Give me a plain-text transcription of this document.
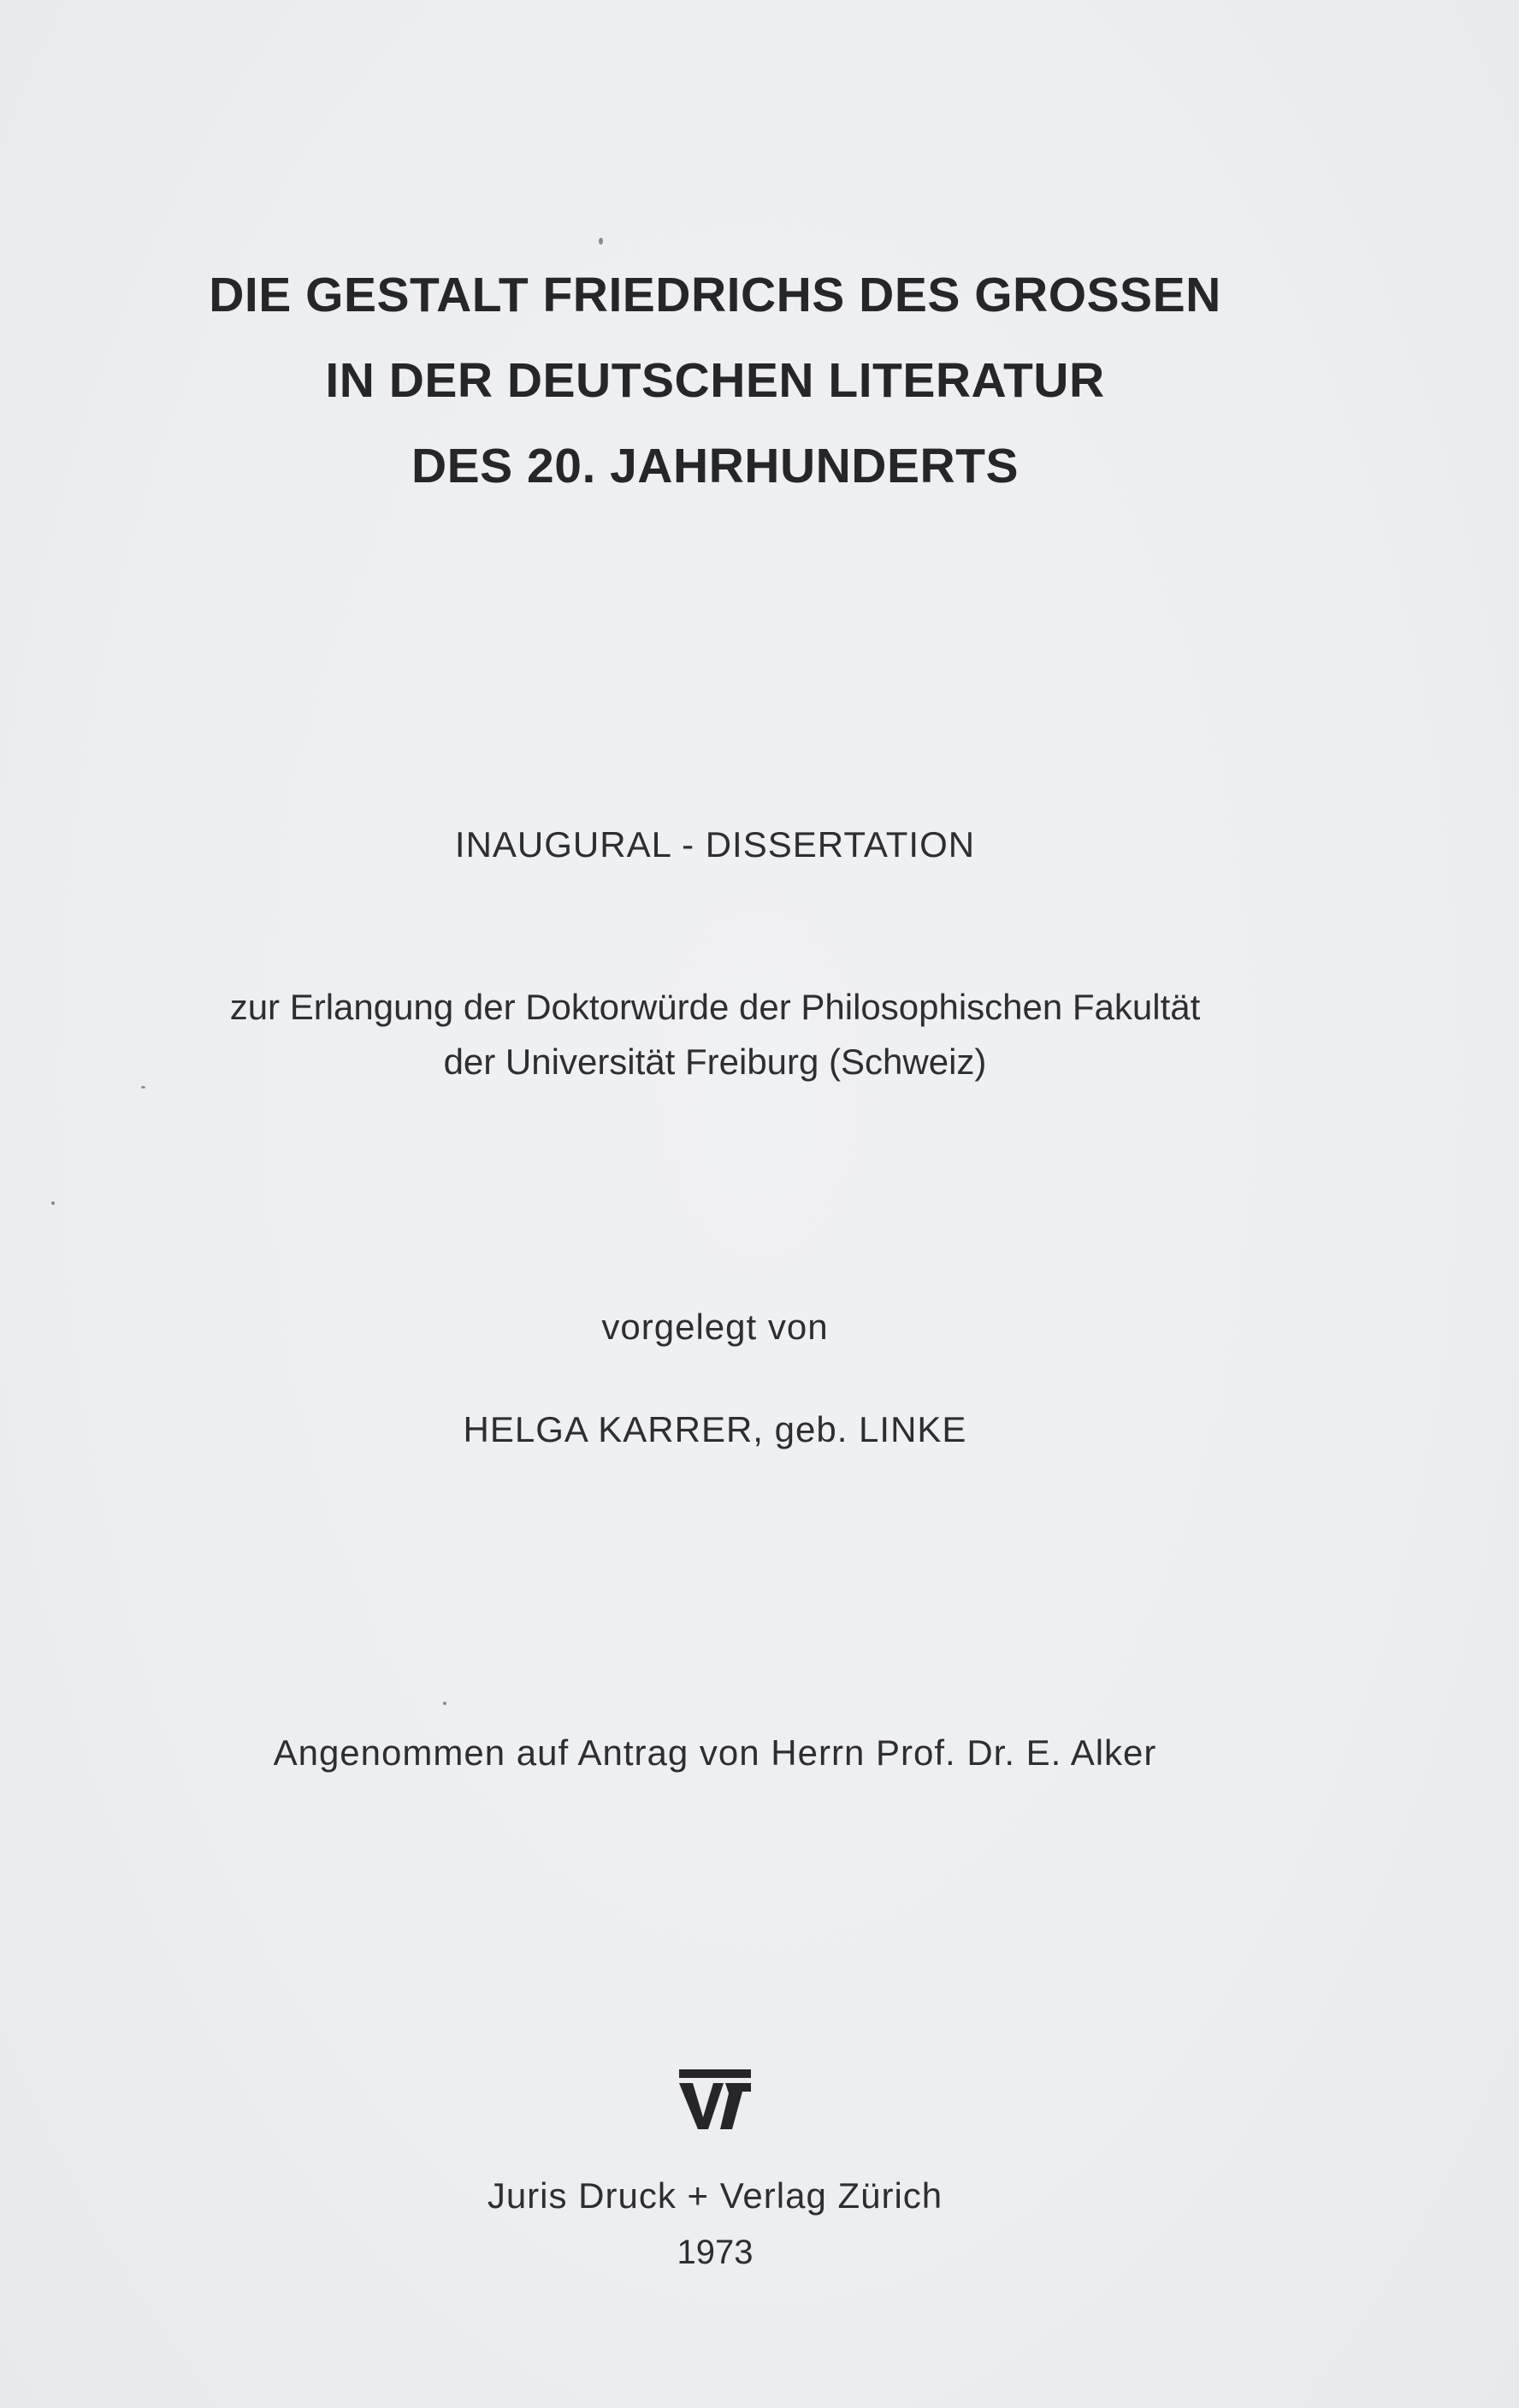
DIE GESTALT FRIEDRICHS DES GROSSEN
IN DER DEUTSCHEN LITERATUR
DES 20. JAHRHUNDERTS
INAUGURAL - DISSERTATION
zur Erlangung der Doktorwürde der Philosophischen Fakultät
der Universität Freiburg (Schweiz)
vorgelegt von
HELGA KARRER, geb. LINKE
Angenommen auf Antrag von Herrn Prof. Dr. E. Alker
Juris Druck + Verlag Zürich
1973
